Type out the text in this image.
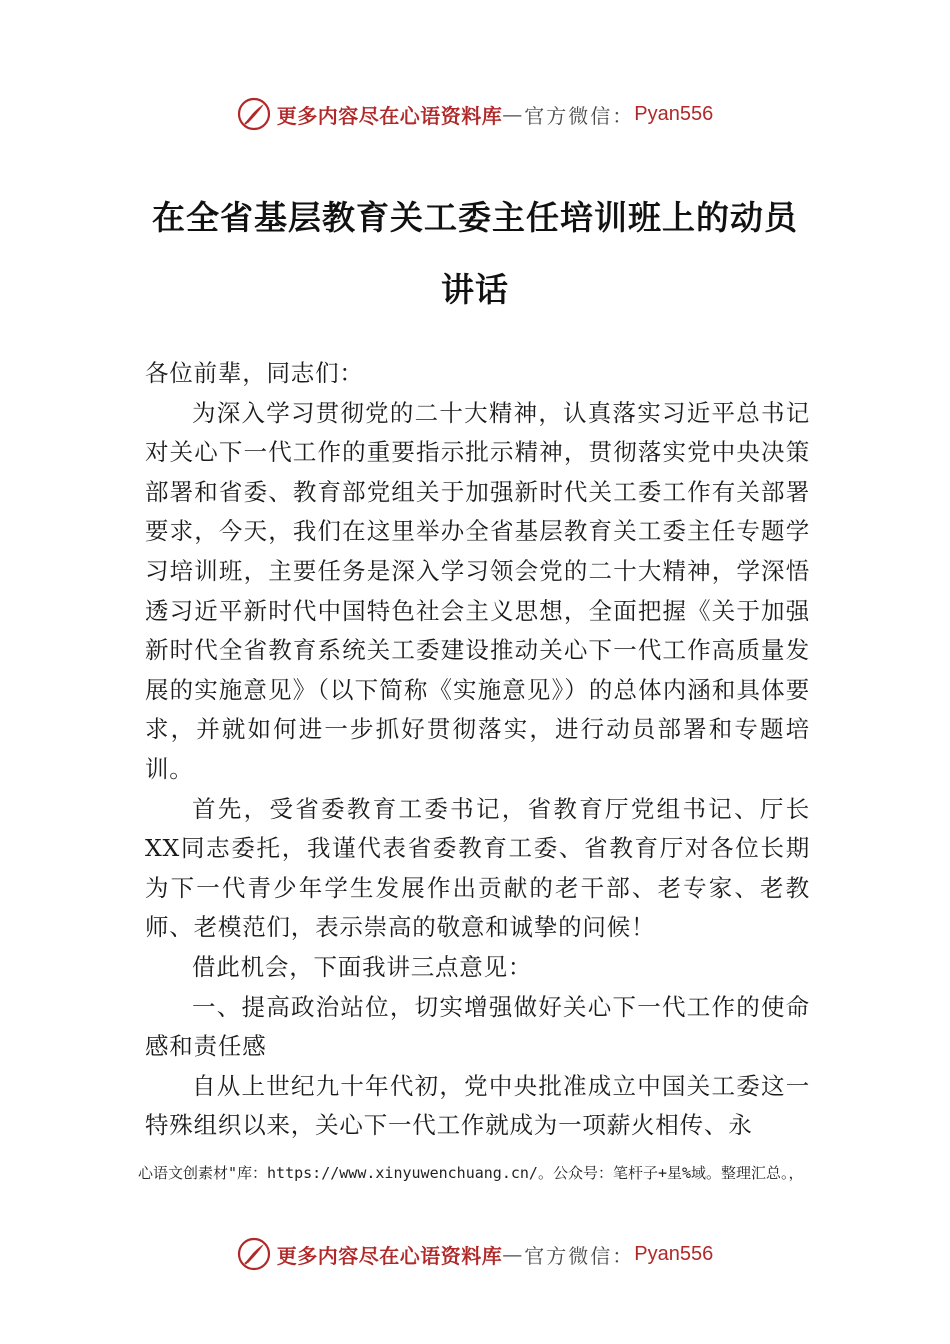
更多内容尽在心语资料库 — 官方微信： Pyan556
在全省基层教育关工委主任培训班上的动员讲话

各位前辈，同志们：

为深入学习贯彻党的二十大精神，认真落实习近平总书记对关心下一代工作的重要指示批示精神，贯彻落实党中央决策部署和省委、教育部党组关于加强新时代关工委工作有关部署要求，今天，我们在这里举办全省基层教育关工委主任专题学习培训班，主要任务是深入学习领会党的二十大精神，学深悟透习近平新时代中国特色社会主义思想，全面把握《关于加强新时代全省教育系统关工委建设推动关心下一代工作高质量发展的实施意见》（以下简称《实施意见》）的总体内涵和具体要求，并就如何进一步抓好贯彻落实，进行动员部署和专题培训。

首先，受省委教育工委书记，省教育厅党组书记、厅长XX同志委托，我谨代表省委教育工委、省教育厅对各位长期为下一代青少年学生发展作出贡献的老干部、老专家、老教师、老模范们，表示崇高的敬意和诚挚的问候！

借此机会，下面我讲三点意见：

一、提高政治站位，切实增强做好关心下一代工作的使命感和责任感

自从上世纪九十年代初，党中央批准成立中国关工委这一特殊组织以来，关心下一代工作就成为一项薪火相传、永

心语文创素材"库：https://www.xinyuwenchuang.cn/。公众号：笔杆子+星%域。整理汇总。，
更多内容尽在心语资料库 — 官方微信： Pyan556
